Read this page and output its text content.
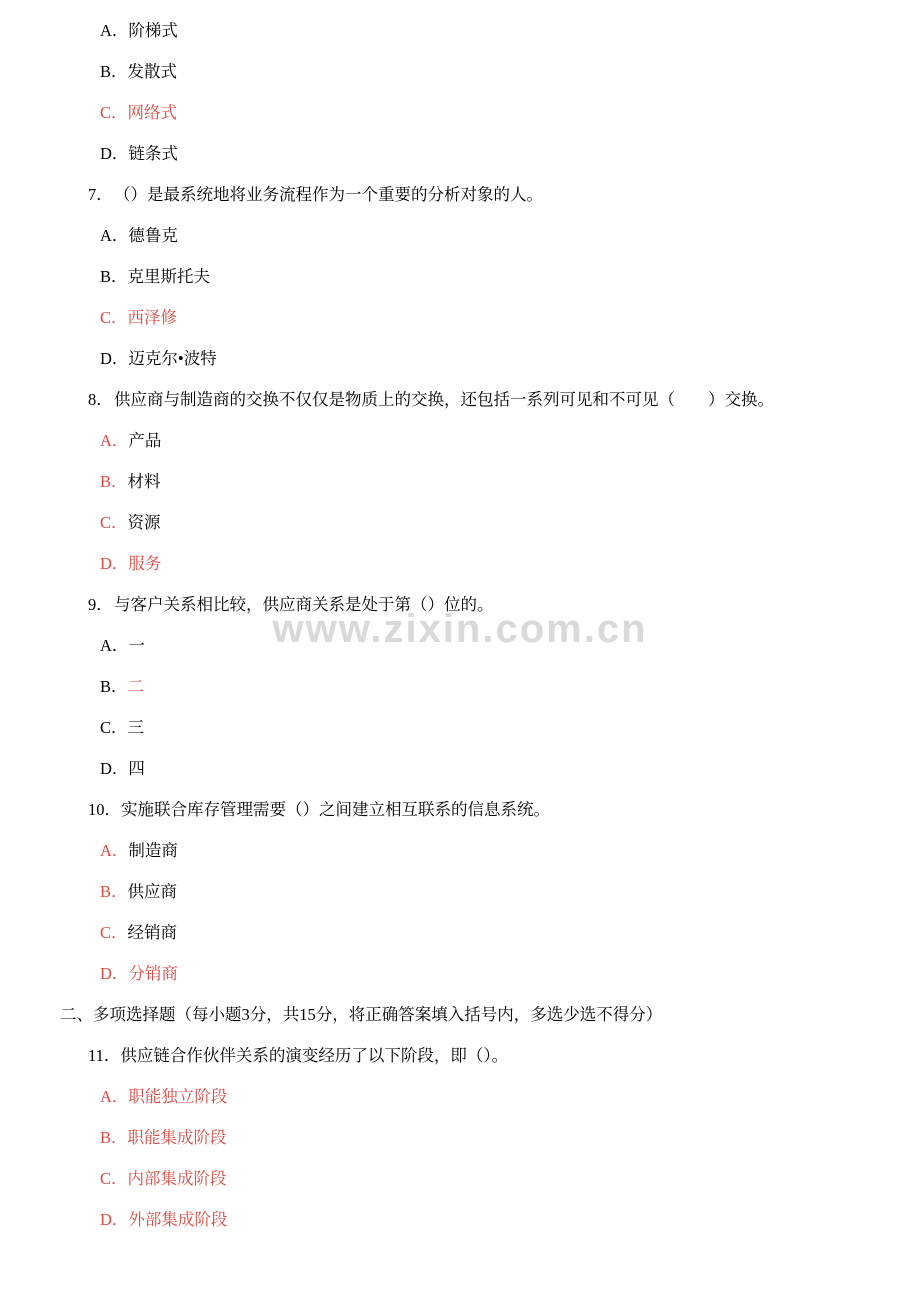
www.zixin.com.cn
A．阶梯式
B．发散式
C．网络式
D．链条式
7．（）是最系统地将业务流程作为一个重要的分析对象的人。
A．德鲁克
B．克里斯托夫
C．西泽修
D．迈克尔•波特
8．供应商与制造商的交换不仅仅是物质上的交换，还包括一系列可见和不可见（　　）交换。
A．产品
B．材料
C．资源
D．服务
9．与客户关系相比较，供应商关系是处于第（）位的。
A．一
B．二
C．三
D．四
10．实施联合库存管理需要（）之间建立相互联系的信息系统。
A．制造商
B．供应商
C．经销商
D．分销商
二、多项选择题（每小题3分，共15分，将正确答案填入括号内，多选少选不得分）
11．供应链合作伙伴关系的演变经历了以下阶段，即（）。
A．职能独立阶段
B．职能集成阶段
C．内部集成阶段
D．外部集成阶段
